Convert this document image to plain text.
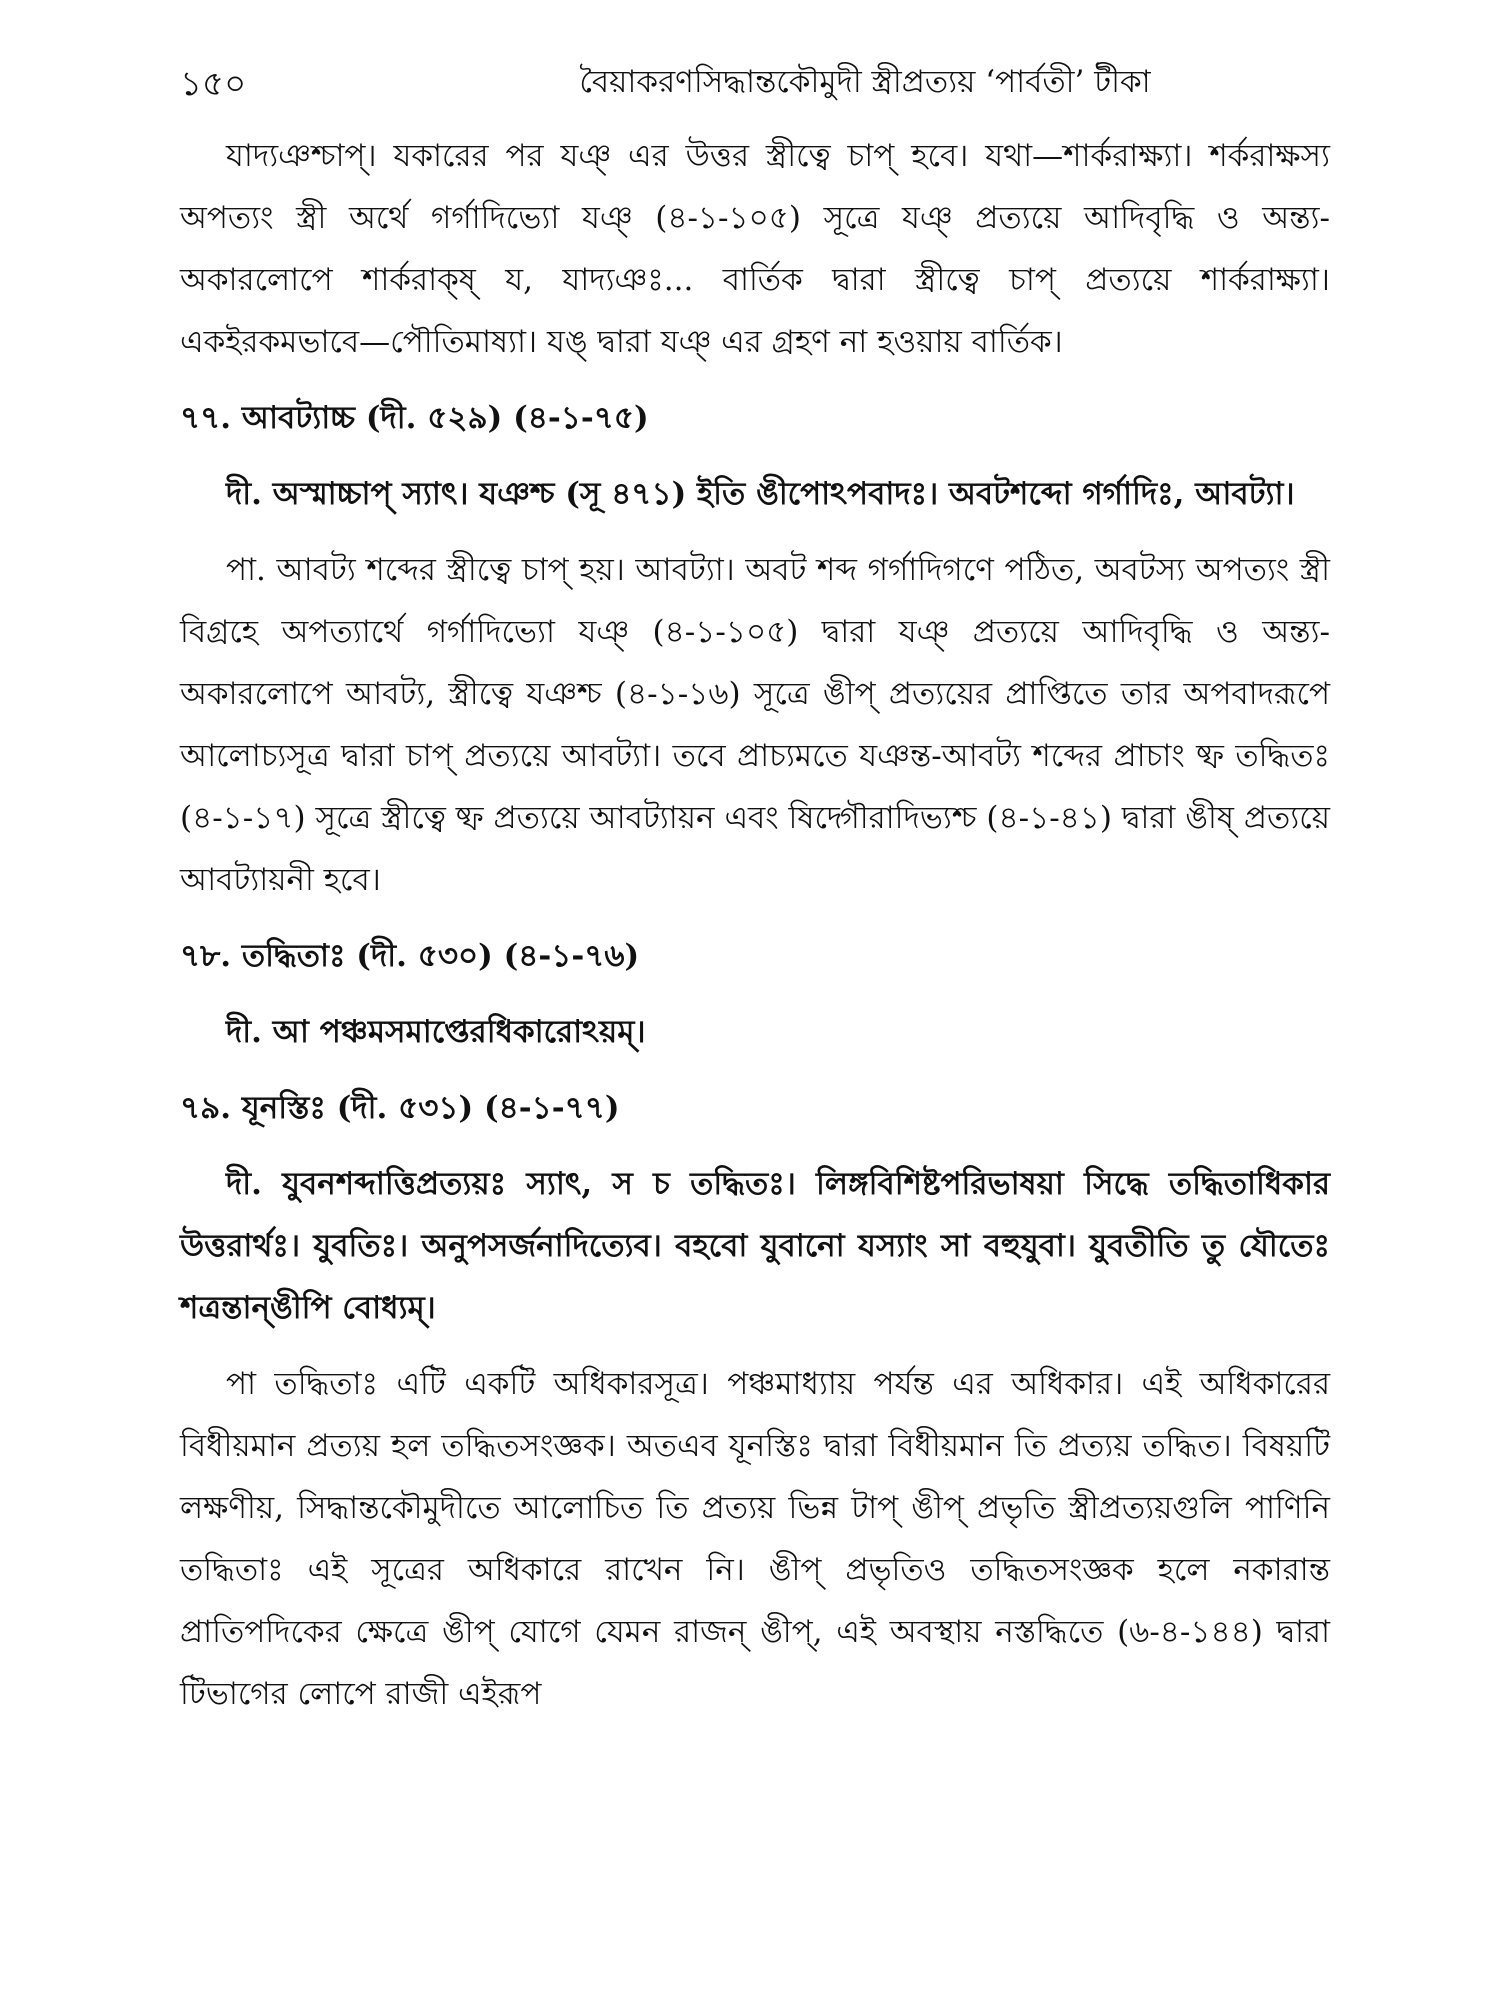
১৫০	বৈয়াকরণসিদ্ধান্তকৌমুদী স্ত্রীপ্রত্যয় ‘পার্বতী’ টীকা

যাদ্যঞশ্চাপ্। যকারের পর যঞ্ এর উত্তর স্ত্রীত্বে চাপ্ হবে। যথা—শার্করাক্ষ্যা। শর্করাক্ষস্য অপত্যং স্ত্রী অর্থে গর্গাদিভ্যো যঞ্ (৪-১-১০৫) সূত্রে যঞ্ প্রত্যয়ে আদিবৃদ্ধি ও অন্ত্য-অকারলোপে শার্করাক্ষ্ য, যাদ্যঞঃ... বার্তিক দ্বারা স্ত্রীত্বে চাপ্ প্রত্যয়ে শার্করাক্ষ্যা। একইরকমভাবে—পৌতিমাষ্যা। যঙ্ দ্বারা যঞ্ এর গ্রহণ না হওয়ায় বার্তিক।

৭৭. আবট্যাচ্চ (দী. ৫২৯) (৪-১-৭৫)

দী. অস্মাচ্চাপ্ স্যাৎ। যঞশ্চ (সূ ৪৭১) ইতি ঙীপোঽপবাদঃ। অবটশব্দো গর্গাদিঃ, আবট্যা।

পা. আবট্য শব্দের স্ত্রীত্বে চাপ্ হয়। আবট্যা। অবট শব্দ গর্গাদিগণে পঠিত, অবটস্য অপত্যং স্ত্রী বিগ্রহে অপত্যার্থে গর্গাদিভ্যো যঞ্ (৪-১-১০৫) দ্বারা যঞ্ প্রত্যয়ে আদিবৃদ্ধি ও অন্ত্য-অকারলোপে আবট্য, স্ত্রীত্বে যঞশ্চ (৪-১-১৬) সূত্রে ঙীপ্ প্রত্যয়ের প্রাপ্তিতে তার অপবাদরূপে আলোচ্যসূত্র দ্বারা চাপ্ প্রত্যয়ে আবট্যা। তবে প্রাচ্যমতে যঞন্ত-আবট্য শব্দের প্রাচাং ষ্ফ তদ্ধিতঃ (৪-১-১৭) সূত্রে স্ত্রীত্বে ষ্ফ প্রত্যয়ে আবট্যায়ন এবং ষিদ্গৌরাদিভ্যশ্চ (৪-১-৪১) দ্বারা ঙীষ্ প্রত্যয়ে আবট্যায়নী হবে।

৭৮. তদ্ধিতাঃ (দী. ৫৩০) (৪-১-৭৬)

দী. আ পঞ্চমসমাপ্তেরধিকারোঽয়ম্।

৭৯. যূনস্তিঃ (দী. ৫৩১) (৪-১-৭৭)

দী. যুবনশব্দাত্তিপ্রত্যয়ঃ স্যাৎ, স চ তদ্ধিতঃ। লিঙ্গবিশিষ্টপরিভাষয়া সিদ্ধে তদ্ধিতাধিকার উত্তরার্থঃ। যুবতিঃ। অনুপসর্জনাদিত্যেব। বহবো যুবানো যস্যাং সা বহুযুবা। যুবতীতি তু যৌতেঃ শত্রন্তান্ঙীপি বোধ্যম্।

পা তদ্ধিতাঃ এটি একটি অধিকারসূত্র। পঞ্চমাধ্যায় পর্যন্ত এর অধিকার। এই অধিকারের বিধীয়মান প্রত্যয় হল তদ্ধিতসংজ্ঞক। অতএব যূনস্তিঃ দ্বারা বিধীয়মান তি প্রত্যয় তদ্ধিত। বিষয়টি লক্ষণীয়, সিদ্ধান্তকৌমুদীতে আলোচিত তি প্রত্যয় ভিন্ন টাপ্ ঙীপ্ প্রভৃতি স্ত্রীপ্রত্যয়গুলি পাণিনি তদ্ধিতাঃ এই সূত্রের অধিকারে রাখেন নি। ঙীপ্ প্রভৃতিও তদ্ধিতসংজ্ঞক হলে নকারান্ত প্রাতিপদিকের ক্ষেত্রে ঙীপ্ যোগে যেমন রাজন্ ঙীপ্, এই অবস্থায় নস্তদ্ধিতে (৬-৪-১৪৪) দ্বারা টিভাগের লোপে রাজী এইরূপ
